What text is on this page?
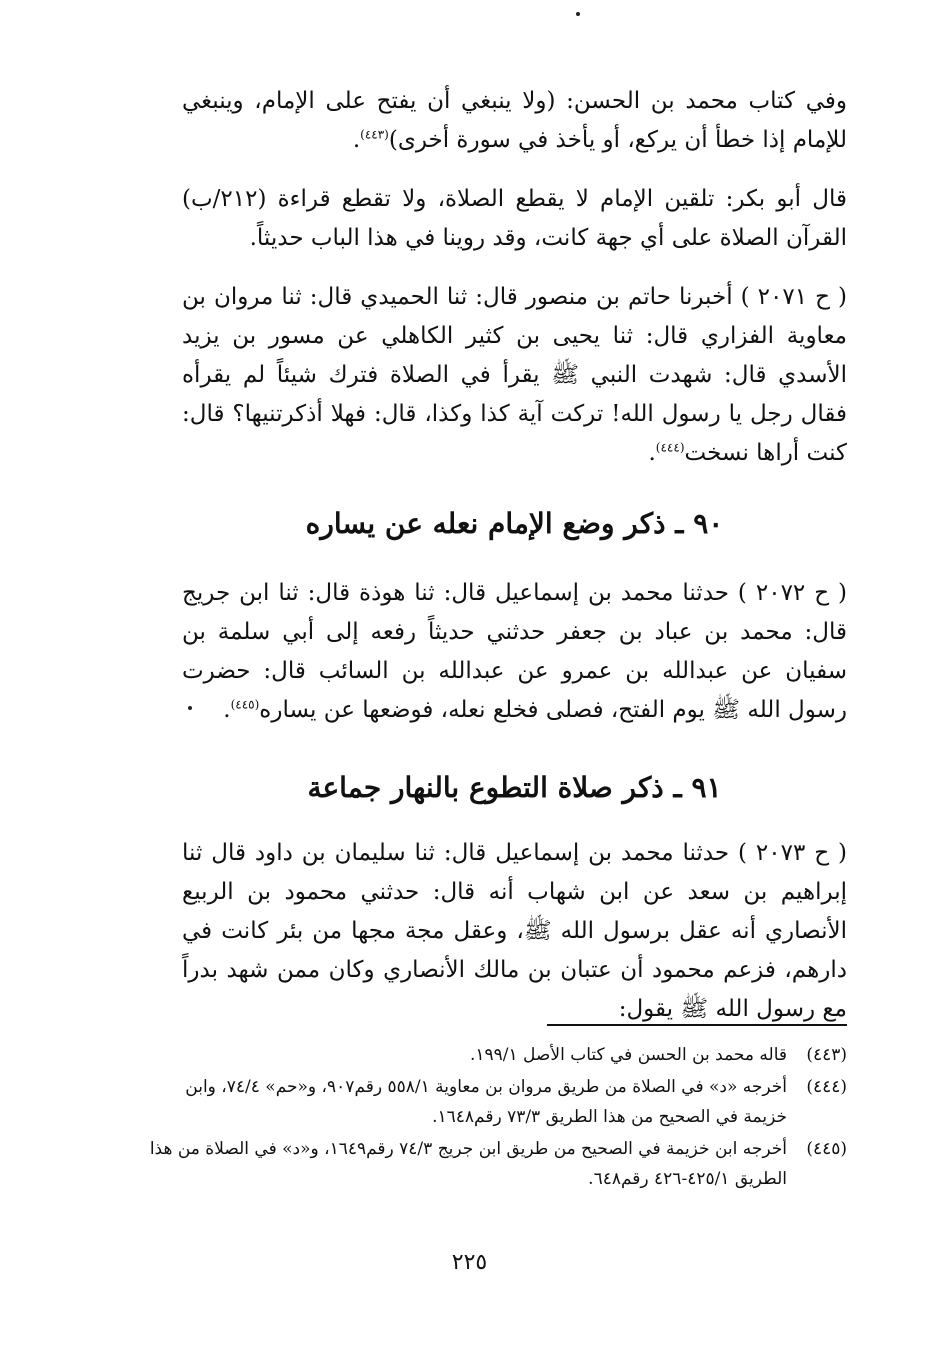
وفي كتاب محمد بن الحسن: (ولا ينبغي أن يفتح على الإمام، وينبغي للإمام إذا خطأ أن يركع، أو يأخذ في سورة أخرى)$^{(٤٤٣)}$.

قال أبو بكر: تلقين الإمام لا يقطع الصلاة، ولا تقطع قراءة (٢١٢/ب) القرآن الصلاة على أي جهة كانت، وقد روينا في هذا الباب حديثاً.

( ح ٢٠٧١ ) أخبرنا حاتم بن منصور قال: ثنا الحميدي قال: ثنا مروان بن معاوية الفزاري قال: ثنا يحيى بن كثير الكاهلي عن مسور بن يزيد الأسدي قال: شهدت النبي ﷺ يقرأ في الصلاة فترك شيئاً لم يقرأه فقال رجل يا رسول الله! تركت آية كذا وكذا، قال: فهلا أذكرتنيها؟ قال: كنت أراها نسخت$^{(٤٤٤)}$.

٩٠ ـ ذكر وضع الإمام نعله عن يساره

( ح ٢٠٧٢ ) حدثنا محمد بن إسماعيل قال: ثنا هوذة قال: ثنا ابن جريج قال: محمد بن عباد بن جعفر حدثني حديثاً رفعه إلى أبي سلمة بن سفيان عن عبدالله بن عمرو عن عبدالله بن السائب قال: حضرت رسول الله ﷺ يوم الفتح، فصلى فخلع نعله، فوضعها عن يساره$^{(٤٤٥)}$.

٩١ ـ ذكر صلاة التطوع بالنهار جماعة

( ح ٢٠٧٣ ) حدثنا محمد بن إسماعيل قال: ثنا سليمان بن داود قال ثنا إبراهيم بن سعد عن ابن شهاب أنه قال: حدثني محمود بن الربيع الأنصاري أنه عقل برسول الله ﷺ، وعقل مجة مجها من بئر كانت في دارهم، فزعم محمود أن عتبان بن مالك الأنصاري وكان ممن شهد بدراً مع رسول الله ﷺ يقول:

(٤٤٣)
قاله محمد بن الحسن في كتاب الأصل ١٩٩/١.

(٤٤٤)
أخرجه «د» في الصلاة من طريق مروان بن معاوية ٥٥٨/١ رقم٩٠٧، و«حم» ٧٤/٤، وابن خزيمة في الصحيح من هذا الطريق ٧٣/٣ رقم١٦٤٨.

(٤٤٥)
أخرجه ابن خزيمة في الصحيح من طريق ابن جريج ٧٤/٣ رقم١٦٤٩، و«د» في الصلاة من هذا الطريق ٤٢٥/١-٤٢٦ رقم٦٤٨.

٢٢٥
